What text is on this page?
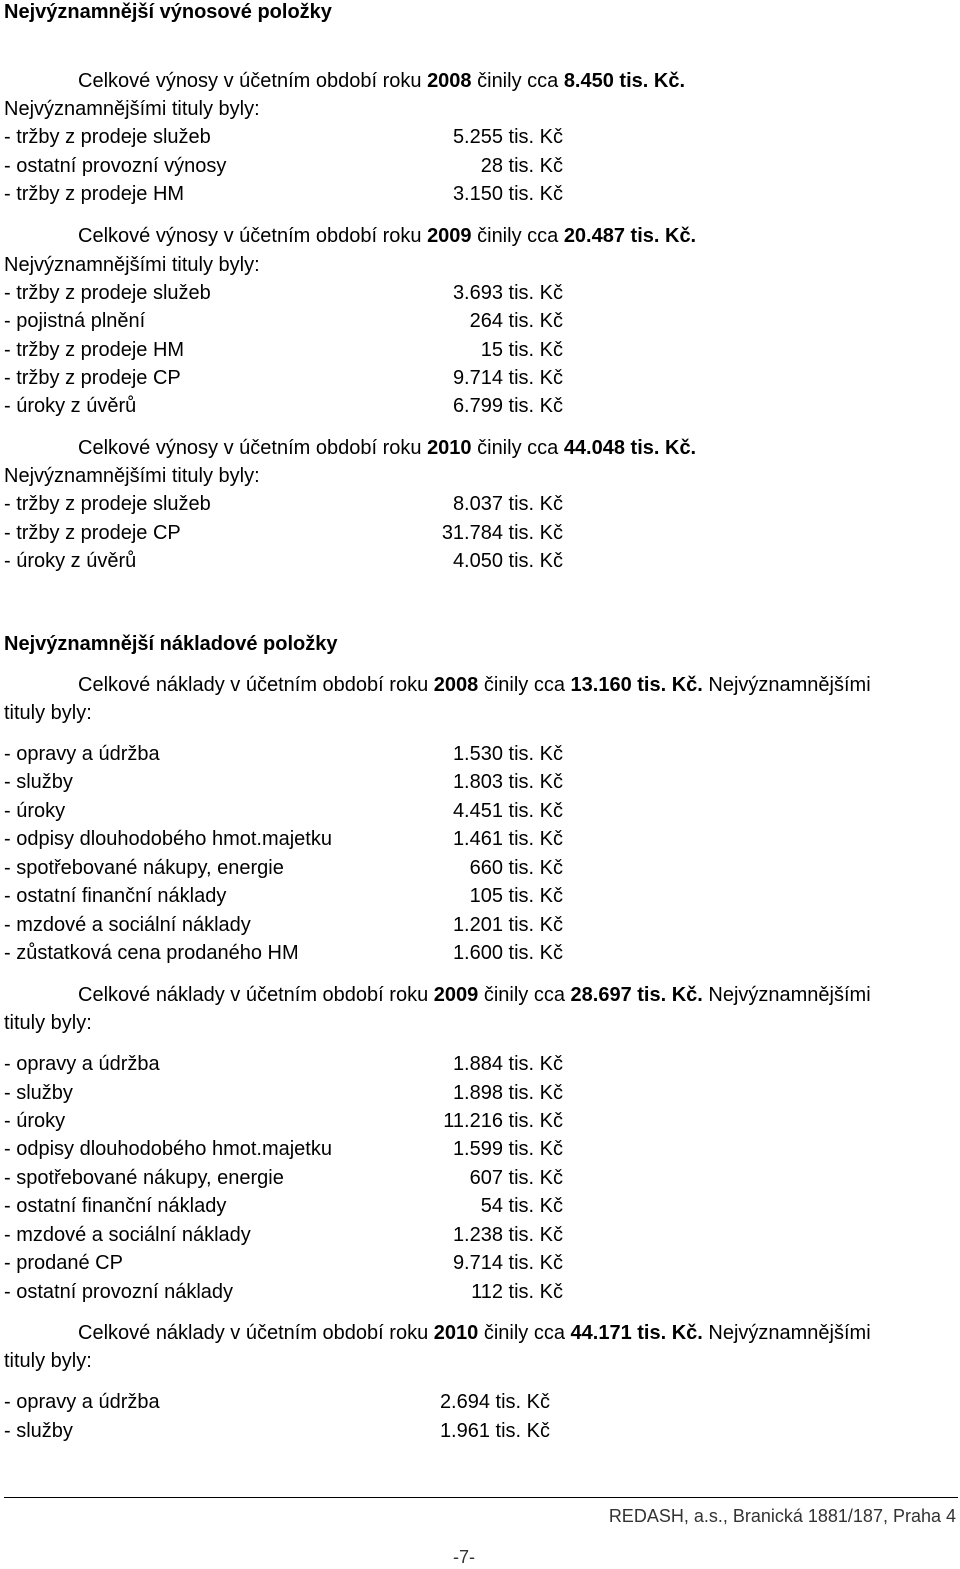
Nejvýznamnější výnosové položky
Celkové výnosy v účetním období roku 2008 činily cca 8.450 tis. Kč.
Nejvýznamnějšími tituly byly:
- tržby z prodeje služeb	5.255 tis. Kč
- ostatní provozní výnosy	28 tis. Kč
- tržby z prodeje HM	3.150 tis. Kč
Celkové výnosy v účetním období roku 2009 činily cca 20.487 tis. Kč.
Nejvýznamnějšími tituly byly:
- tržby z prodeje služeb	3.693 tis. Kč
- pojistná plnění	264 tis. Kč
- tržby z prodeje HM	15 tis. Kč
- tržby z prodeje CP	9.714 tis. Kč
- úroky z úvěrů	6.799 tis. Kč
Celkové výnosy v účetním období roku 2010 činily cca 44.048 tis. Kč.
Nejvýznamnějšími tituly byly:
- tržby z prodeje služeb	8.037 tis. Kč
- tržby z prodeje CP	31.784 tis. Kč
- úroky z úvěrů	4.050 tis. Kč
Nejvýznamnější nákladové položky
Celkové náklady v účetním období roku 2008 činily cca 13.160 tis. Kč. Nejvýznamnějšími
tituly byly:
- opravy a údržba	1.530 tis. Kč
- služby	1.803 tis. Kč
- úroky	4.451 tis. Kč
- odpisy dlouhodobého hmot.majetku	1.461 tis. Kč
- spotřebované nákupy, energie	660 tis. Kč
- ostatní finanční náklady	105 tis. Kč
- mzdové a sociální náklady	1.201 tis. Kč
- zůstatková cena prodaného HM	1.600 tis. Kč
Celkové náklady v účetním období roku 2009 činily cca 28.697 tis. Kč. Nejvýznamnějšími
tituly byly:
- opravy a údržba	1.884 tis. Kč
- služby	1.898 tis. Kč
- úroky	11.216 tis. Kč
- odpisy dlouhodobého hmot.majetku	1.599 tis. Kč
- spotřebované nákupy, energie	607 tis. Kč
- ostatní finanční náklady	54 tis. Kč
- mzdové a sociální náklady	1.238 tis. Kč
- prodané CP	9.714 tis. Kč
- ostatní provozní náklady	112 tis. Kč
Celkové náklady v účetním období roku 2010 činily cca 44.171 tis. Kč. Nejvýznamnějšími
tituly byly:
- opravy a údržba	2.694 tis. Kč
- služby	1.961 tis. Kč
REDASH, a.s., Branická 1881/187, Praha 4
-7-
